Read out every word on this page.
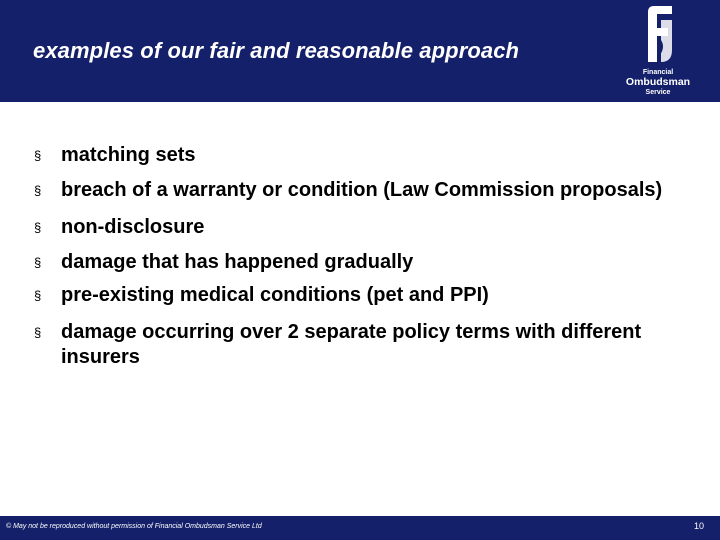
examples of our fair and reasonable approach
Financial
Ombudsman
Service
§ matching sets
§ breach of a warranty or condition (Law Commission proposals)
§ non-disclosure
§ damage that has happened gradually
§ pre-existing medical conditions (pet and PPI)
§ damage occurring over 2 separate policy terms with different insurers
© May not be reproduced without permission of Financial Ombudsman Service Ltd	10
